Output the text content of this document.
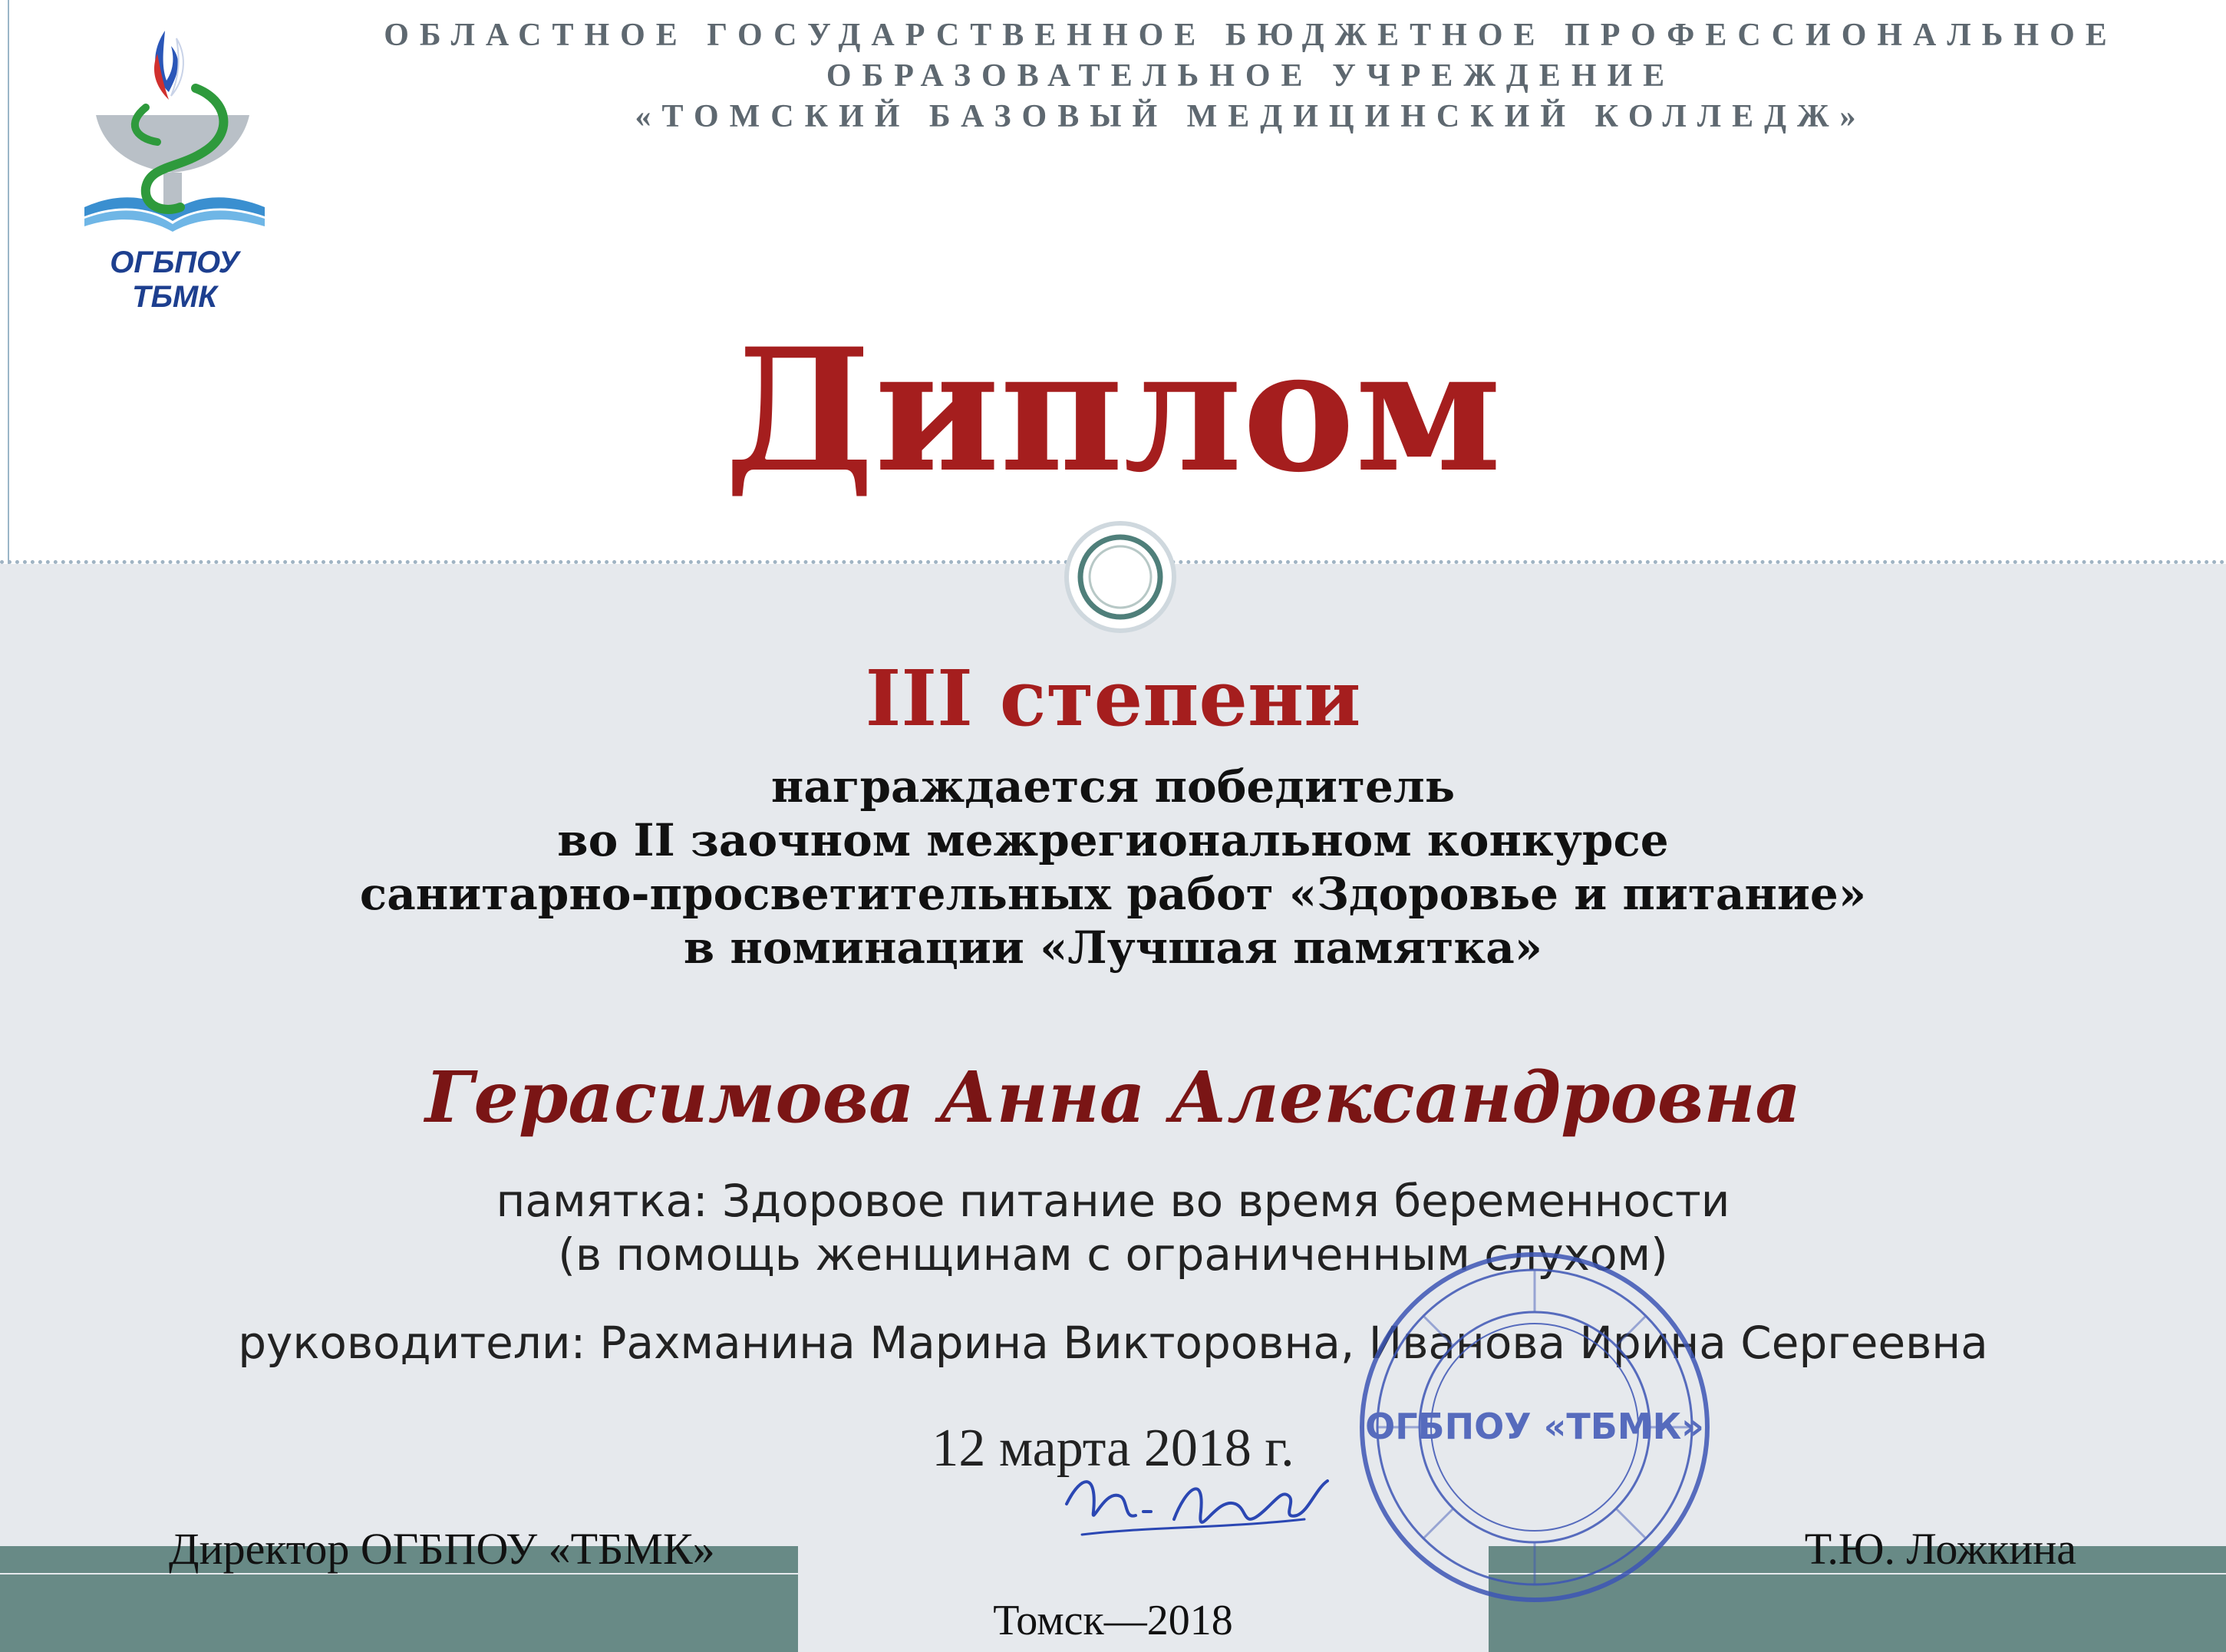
ОГБПОУ ТБМК
ОБЛАСТНОЕ ГОСУДАРСТВЕННОЕ БЮДЖЕТНОЕ ПРОФЕССИОНАЛЬНОЕ
ОБРАЗОВАТЕЛЬНОЕ УЧРЕЖДЕНИЕ
«ТОМСКИЙ БАЗОВЫЙ МЕДИЦИНСКИЙ КОЛЛЕДЖ»
Диплом
III степени
награждается победитель
во II заочном межрегиональном конкурсе
санитарно-просветительных работ «Здоровье и питание»
в номинации «Лучшая памятка»
Герасимова Анна Александровна
памятка: Здоровое питание во время беременности
(в помощь женщинам с ограниченным слухом)
руководители: Рахманина Марина Викторовна, Иванова Ирина Сергеевна
12 марта 2018 г.	ОГБПОУ «ТБМК»
Директор ОГБПОУ «ТБМК»	Т.Ю. Ложкина
Томск—2018
